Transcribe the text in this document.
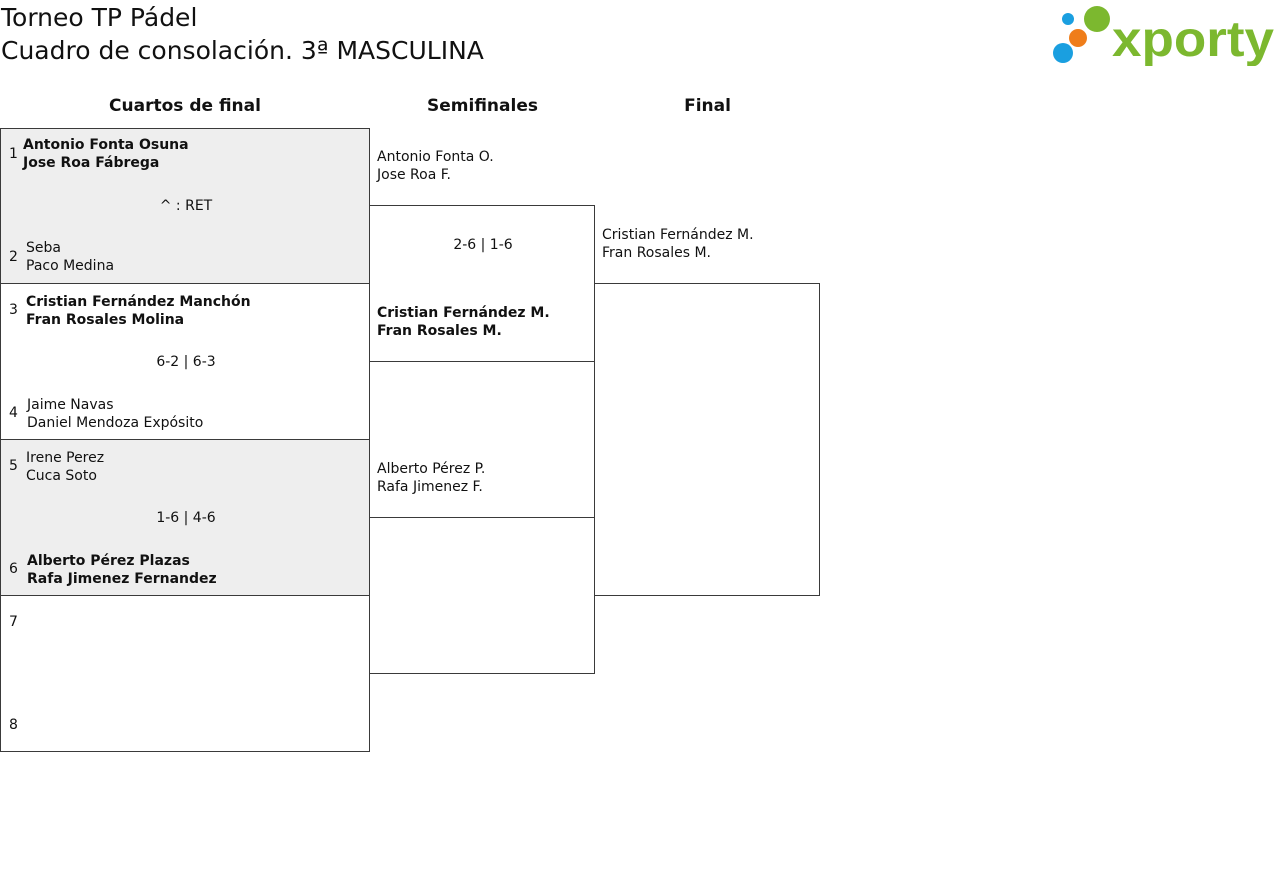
Torneo TP Pádel
Cuadro de consolación. 3ª MASCULINA	xporty
Cuartos de final	Semifinales	Final
1
Antonio Fonta Osuna
Jose Roa Fábrega
^ : RET
2
Seba
Paco Medina
3 Cristian Fernández Manchón
Fran Rosales Molina
6-2 | 6-3
4 Jaime Navas
Daniel Mendoza Expósito
5 Irene Perez
Cuca Soto
1-6 | 4-6
6 Alberto Pérez Plazas
Rafa Jimenez Fernandez
7
8
Antonio Fonta O.
Jose Roa F.
2-6 | 1-6
Cristian Fernández M.
Fran Rosales M.
Alberto Pérez P.
Rafa Jimenez F.
Cristian Fernández M.
Fran Rosales M.
